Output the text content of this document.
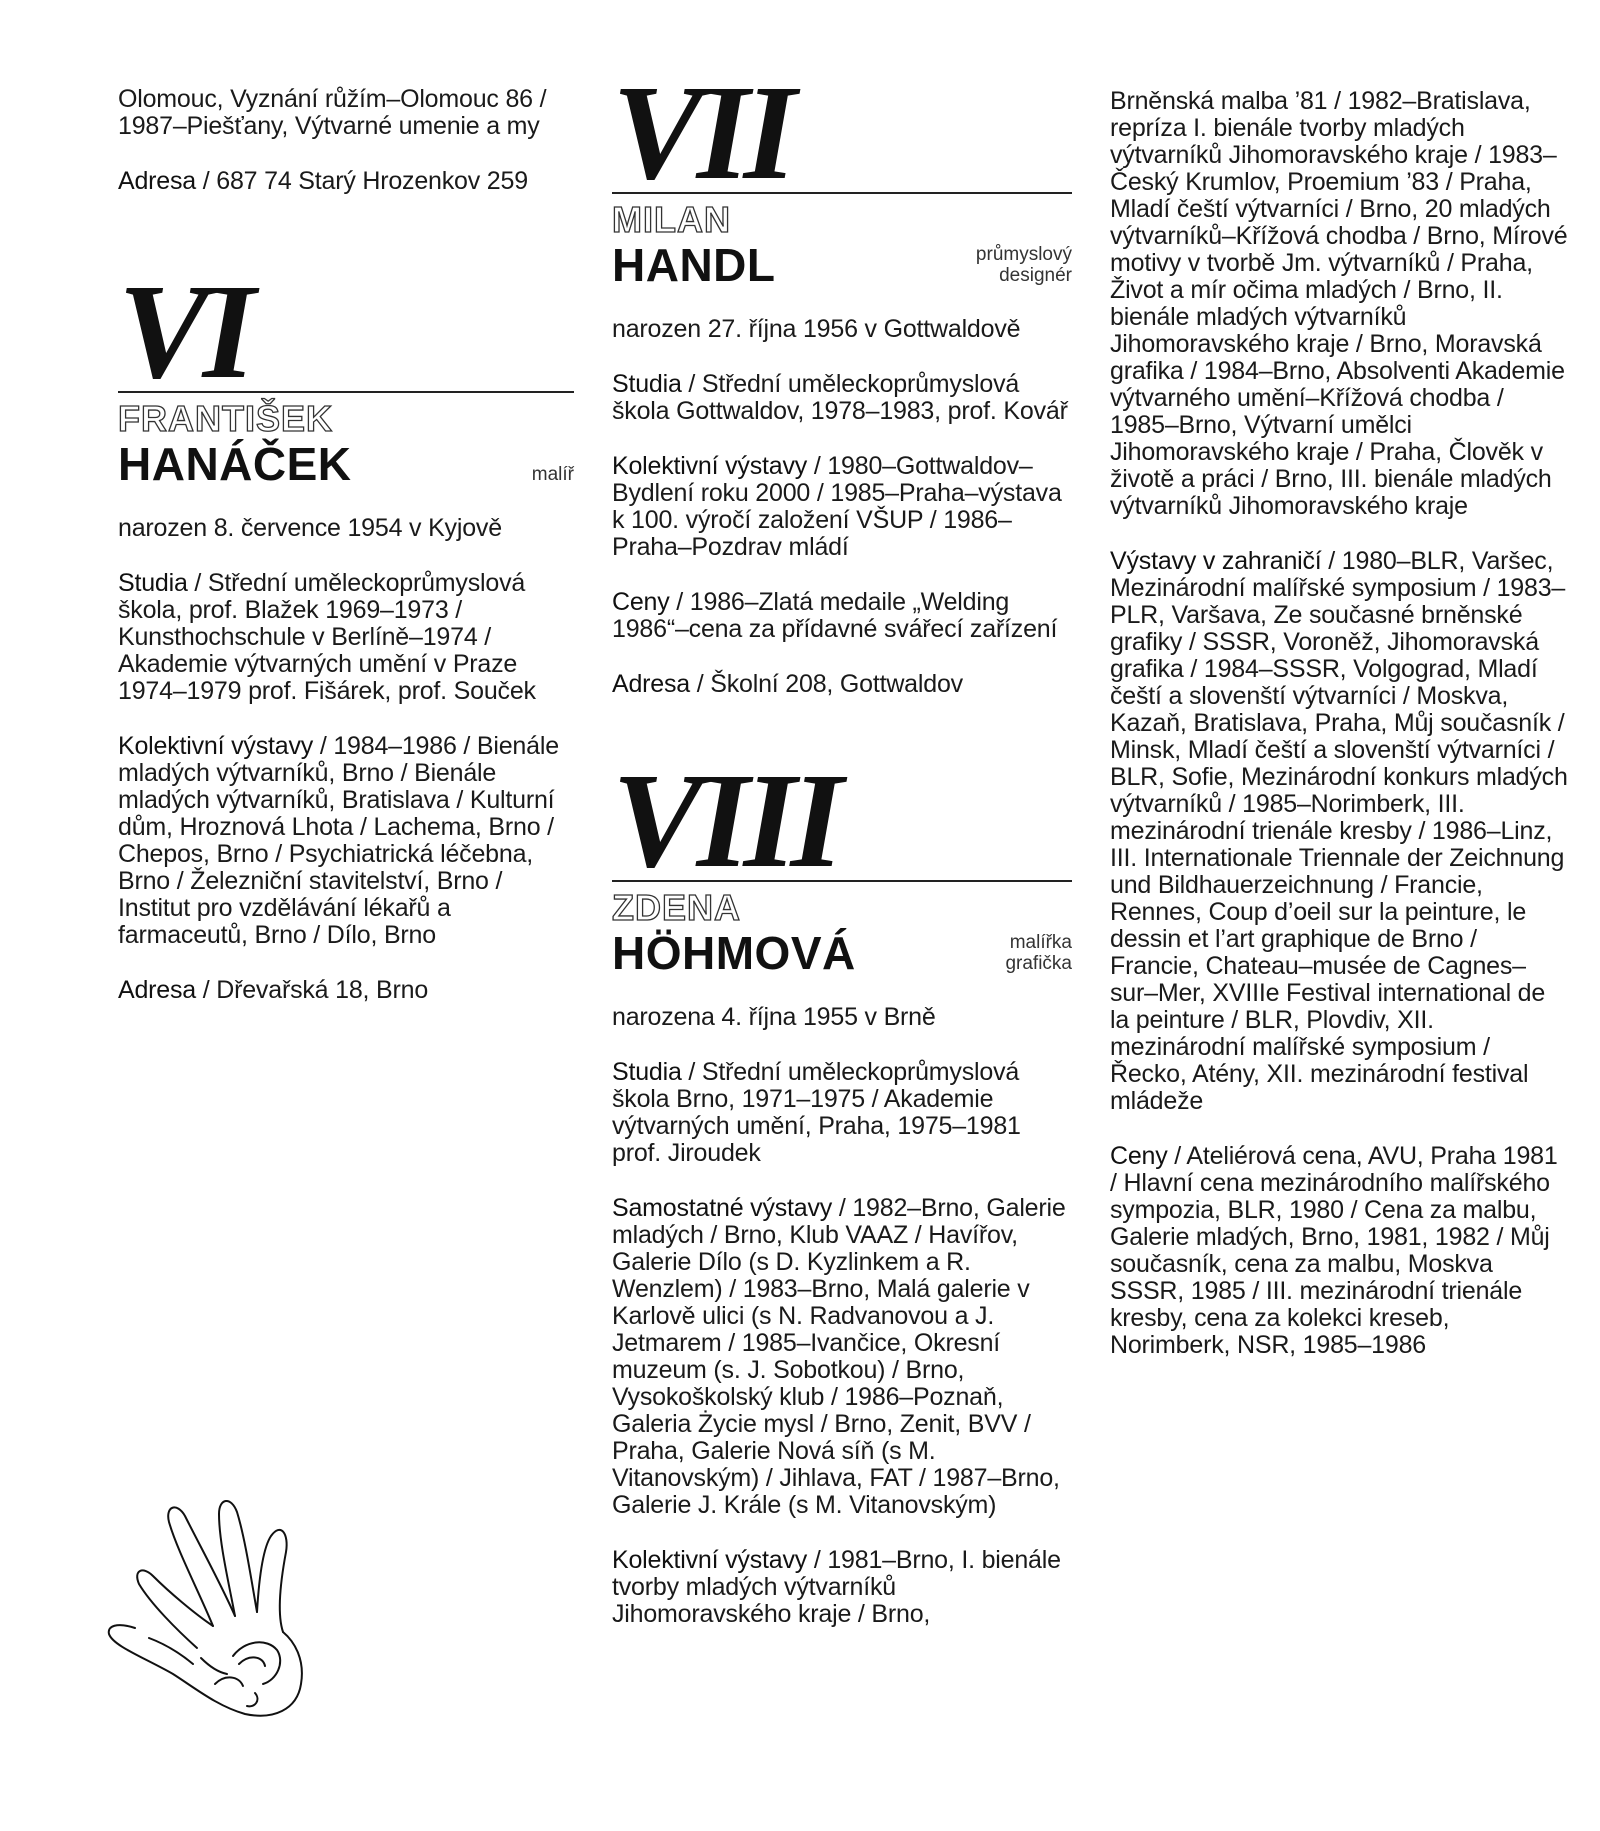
Olomouc, Vyznání růžím–Olomouc 86 / 1987–Piešťany, Výtvarné umenie a my

Adresa / 687 74 Starý Hrozenkov 259

VI
FRANTIŠEK
HANÁČEK	malíř

narozen 8. července 1954 v Kyjově

Studia / Střední uměleckoprůmyslová škola, prof. Blažek 1969–1973 / Kunsthochschule v Berlíně–1974 / Akademie výtvarných umění v Praze 1974–1979 prof. Fišárek, prof. Souček

Kolektivní výstavy / 1984–1986 / Bienále mladých výtvarníků, Brno / Bienále mladých výtvarníků, Bratislava / Kulturní dům, Hroznová Lhota / Lachema, Brno / Chepos, Brno / Psychiatrická léčebna, Brno / Železniční stavitelství, Brno / Institut pro vzdělávání lékařů a farmaceutů, Brno / Dílo, Brno

Adresa / Dřevařská 18, Brno

VII
MILAN
HANDL	průmyslový
designér

narozen 27. října 1956 v Gottwaldově

Studia / Střední uměleckoprůmyslová škola Gottwaldov, 1978–1983, prof. Kovář

Kolektivní výstavy / 1980–Gottwaldov–Bydlení roku 2000 / 1985–Praha–výstava k 100. výročí založení VŠUP / 1986–Praha–Pozdrav mládí

Ceny / 1986–Zlatá medaile „Welding 1986“–cena za přídavné svářecí zařízení

Adresa / Školní 208, Gottwaldov

VIII
ZDENA
HÖHMOVÁ	malířka
grafička

narozena 4. října 1955 v Brně

Studia / Střední uměleckoprůmyslová škola Brno, 1971–1975 / Akademie výtvarných umění, Praha, 1975–1981 prof. Jiroudek

Samostatné výstavy / 1982–Brno, Galerie mladých / Brno, Klub VAAZ / Havířov, Galerie Dílo (s D. Kyzlinkem a R. Wenzlem) / 1983–Brno, Malá galerie v Karlově ulici (s N. Radvanovou a J. Jetmarem / 1985–Ivančice, Okresní muzeum (s. J. Sobotkou) / Brno, Vysokoškolský klub / 1986–Poznaň, Galeria Życie mysl / Brno, Zenit, BVV / Praha, Galerie Nová síň (s M. Vitanovským) / Jihlava, FAT / 1987–Brno, Galerie J. Krále (s M. Vitanovským)

Kolektivní výstavy / 1981–Brno, I. bienále tvorby mladých výtvarníků Jihomoravského kraje / Brno,

Brněnská malba ’81 / 1982–Bratislava, repríza I. bienále tvorby mladých výtvarníků Jihomoravského kraje / 1983–Český Krumlov, Proemium ’83 / Praha, Mladí čeští výtvarníci / Brno, 20 mladých výtvarníků–Křížová chodba / Brno, Mírové motivy v tvorbě Jm. výtvarníků / Praha, Život a mír očima mladých / Brno, II. bienále mladých výtvarníků Jihomoravského kraje / Brno, Moravská grafika / 1984–Brno, Absolventi Akademie výtvarného umění–Křížová chodba / 1985–Brno, Výtvarní umělci Jihomoravského kraje / Praha, Člověk v životě a práci / Brno, III. bienále mladých výtvarníků Jihomoravského kraje

Výstavy v zahraničí / 1980–BLR, Varšec, Mezinárodní malířské symposium / 1983–PLR, Varšava, Ze současné brněnské grafiky / SSSR, Voroněž, Jihomoravská grafika / 1984–SSSR, Volgograd, Mladí čeští a slovenští výtvarníci / Moskva, Kazaň, Bratislava, Praha, Můj současník / Minsk, Mladí čeští a slovenští výtvarníci / BLR, Sofie, Mezinárodní konkurs mladých výtvarníků / 1985–Norimberk, III. mezinárodní trienále kresby / 1986–Linz, III. Internationale Triennale der Zeichnung und Bildhauerzeichnung / Francie, Rennes, Coup d’oeil sur la peinture, le dessin et l’art graphique de Brno / Francie, Chateau–musée de Cagnes–sur–Mer, XVIIIe Festival international de la peinture / BLR, Plovdiv, XII. mezinárodní malířské symposium / Řecko, Atény, XII. mezinárodní festival mládeže

Ceny / Ateliérová cena, AVU, Praha 1981 / Hlavní cena mezinárodního malířského sympozia, BLR, 1980 / Cena za malbu, Galerie mladých, Brno, 1981, 1982 / Můj současník, cena za malbu, Moskva SSSR, 1985 / III. mezinárodní trienále kresby, cena za kolekci kreseb, Norimberk, NSR, 1985–1986
